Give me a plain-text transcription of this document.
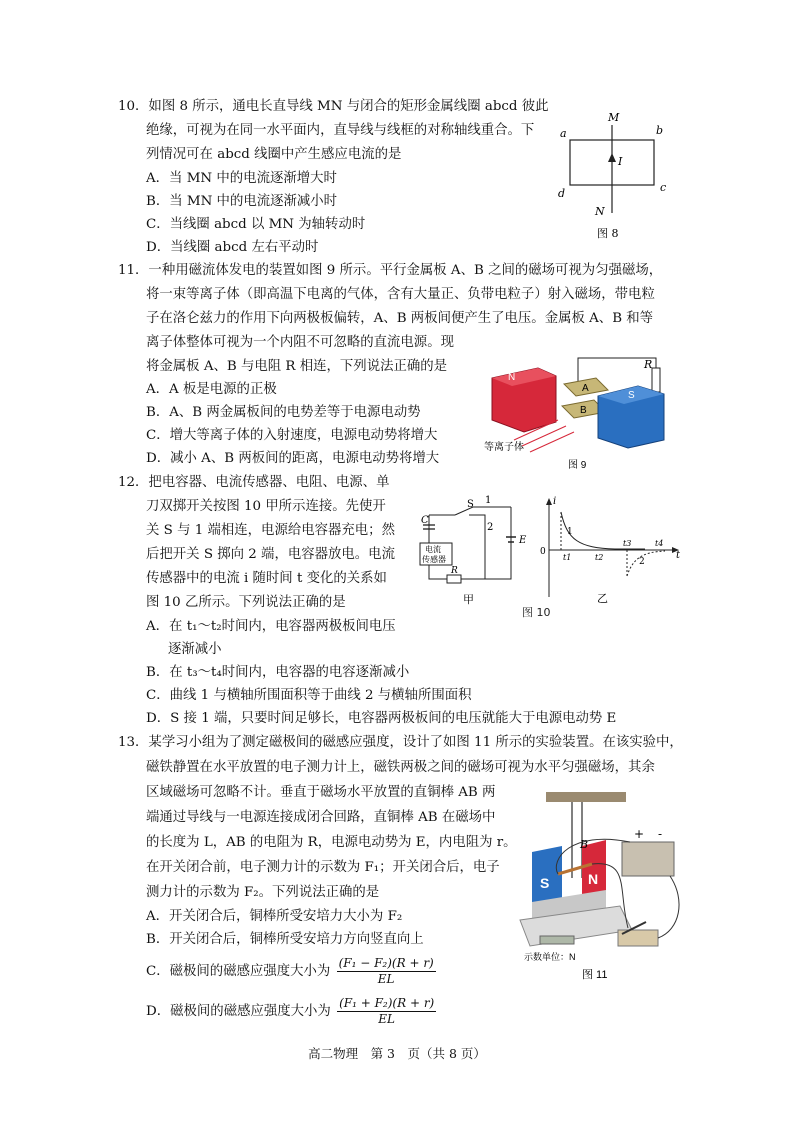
10．如图 8 所示，通电长直导线 MN 与闭合的矩形金属线圈 abcd 彼此
绝缘，可视为在同一水平面内，直导线与线框的对称轴线重合。下
列情况可在 abcd 线圈中产生感应电流的是
A．当 MN 中的电流逐渐增大时
B．当 MN 中的电流逐渐减小时
C．当线圈 abcd 以 MN 为轴转动时
D．当线圈 abcd 左右平动时
M
N
a	b
c
d
I
图 8
11．一种用磁流体发电的装置如图 9 所示。平行金属板 A、B 之间的磁场可视为匀强磁场，
将一束等离子体（即高温下电离的气体，含有大量正、负带电粒子）射入磁场，带电粒
子在洛仑兹力的作用下向两极板偏转，A、B 两板间便产生了电压。金属板 A、B 和等
离子体整体可视为一个内阻不可忽略的直流电源。现
将金属板 A、B 与电阻 R 相连，下列说法正确的是
A．A 板是电源的正极
B．A、B 两金属板间的电势差等于电源电动势
C．增大等离子体的入射速度，电源电动势将增大
D．减小 A、B 两板间的距离，电源电动势将增大
R
N
A
B
S
等离子体
图 9
12．把电容器、电流传感器、电阻、电源、单
刀双掷开关按图 10 甲所示连接。先使开
关 S 与 1 端相连，电源给电容器充电；然
后把开关 S 掷向 2 端，电容器放电。电流
传感器中的电流 i 随时间 t 变化的关系如
图 10 乙所示。下列说法正确的是
A．在 t₁～t₂时间内，电容器两极板间电压
逐渐减小
B．在 t₃～t₄时间内，电容器的电容逐渐减小
C．曲线 1 与横轴所围面积等于曲线 2 与横轴所围面积
D．S 接 1 端，只要时间足够长，电容器两极板间的电压就能大于电源电动势 E
电流
传感器
C
S 1
2
E
R
甲
图 10
i
t
0
t1	t2
t3	t4
1
2
乙
13．某学习小组为了测定磁极间的磁感应强度，设计了如图 11 所示的实验装置。在该实验中，
磁铁静置在水平放置的电子测力计上，磁铁两极之间的磁场可视为水平匀强磁场，其余
区域磁场可忽略不计。垂直于磁场水平放置的直铜棒 AB 两
端通过导线与一电源连接成闭合回路，直铜棒 AB 在磁场中
的长度为 L，AB 的电阻为 R，电源电动势为 E，内电阻为 r。
在开关闭合前，电子测力计的示数为 F₁；开关闭合后，电子
测力计的示数为 F₂。下列说法正确的是
A．开关闭合后，铜棒所受安培力大小为 F₂
B．开关闭合后，铜棒所受安培力方向竖直向上
C．磁极间的磁感应强度大小为 $\frac{\text{(F₁ − F₂)(R + r)}}{EL}$
D．磁极间的磁感应强度大小为 $\frac{\text{(F₁ + F₂)(R + r)}}{EL}$
S	N
B
示数单位：N
+ -
图 11
高二物理　第 3　页（共 8 页）
